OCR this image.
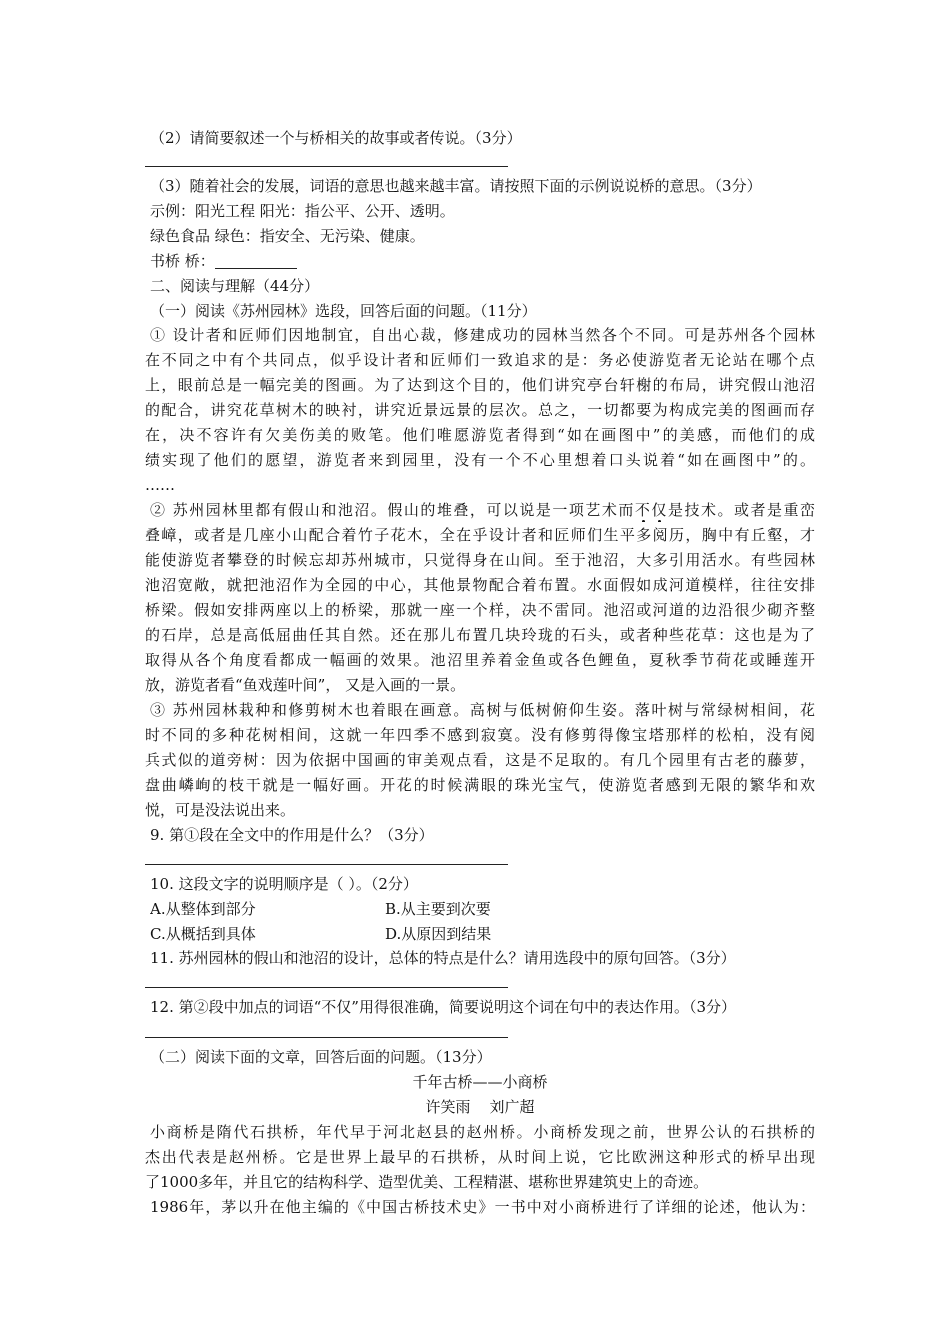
（2）请简要叙述一个与桥相关的故事或者传说。（3分）
（3）随着社会的发展，词语的意思也越来越丰富。请按照下面的示例说说桥的意思。（3分）
示例：阳光工程 阳光：指公平、公开、透明。
绿色食品 绿色：指安全、无污染、健康。
书桥 桥：
二、阅读与理解（44分）
（一）阅读《苏州园林》选段，回答后面的问题。（11分）
① 设计者和匠师们因地制宜，自出心裁，修建成功的园林当然各个不同。可是苏州各个园林
在不同之中有个共同点，似乎设计者和匠师们一致追求的是：务必使游览者无论站在哪个点
上，眼前总是一幅完美的图画。为了达到这个目的，他们讲究亭台轩榭的布局，讲究假山池沼
的配合，讲究花草树木的映衬，讲究近景远景的层次。总之，一切都要为构成完美的图画而存
在，决不容许有欠美伤美的败笔。他们唯愿游览者得到“如在画图中”的美感，而他们的成
绩实现了他们的愿望，游览者来到园里，没有一个不心里想着口头说着“如在画图中”的。
……
② 苏州园林里都有假山和池沼。假山的堆叠，可以说是一项艺术而不仅是技术。或者是重峦
叠嶂，或者是几座小山配合着竹子花木，全在乎设计者和匠师们生平多阅历，胸中有丘壑，才
能使游览者攀登的时候忘却苏州城市，只觉得身在山间。至于池沼，大多引用活水。有些园林
池沼宽敞，就把池沼作为全园的中心，其他景物配合着布置。水面假如成河道模样，往往安排
桥梁。假如安排两座以上的桥梁，那就一座一个样，决不雷同。池沼或河道的边沿很少砌齐整
的石岸，总是高低屈曲任其自然。还在那儿布置几块玲珑的石头，或者种些花草：这也是为了
取得从各个角度看都成一幅画的效果。池沼里养着金鱼或各色鲤鱼，夏秋季节荷花或睡莲开
放，游览者看“鱼戏莲叶间”， 又是入画的一景。
③ 苏州园林栽种和修剪树木也着眼在画意。高树与低树俯仰生姿。落叶树与常绿树相间，花
时不同的多种花树相间，这就一年四季不感到寂寞。没有修剪得像宝塔那样的松柏，没有阅
兵式似的道旁树：因为依据中国画的审美观点看，这是不足取的。有几个园里有古老的藤萝，
盘曲嶙峋的枝干就是一幅好画。开花的时候满眼的珠光宝气，使游览者感到无限的繁华和欢
悦，可是没法说出来。
9. 第①段在全文中的作用是什么？（3分）
10. 这段文字的说明顺序是（ ）。（2分）
A.从整体到部分	B.从主要到次要
C.从概括到具体	D.从原因到结果
11. 苏州园林的假山和池沼的设计，总体的特点是什么？请用选段中的原句回答。（3分）
12. 第②段中加点的词语“不仅”用得很准确，简要说明这个词在句中的表达作用。（3分）
（二）阅读下面的文章，回答后面的问题。（13分）
千年古桥——小商桥
许笑雨    刘广超
小商桥是隋代石拱桥，年代早于河北赵县的赵州桥。小商桥发现之前，世界公认的石拱桥的
杰出代表是赵州桥。它是世界上最早的石拱桥，从时间上说，它比欧洲这种形式的桥早出现
了1000多年，并且它的结构科学、造型优美、工程精湛、堪称世界建筑史上的奇迹。
1986年，茅以升在他主编的《中国古桥技术史》一书中对小商桥进行了详细的论述，他认为：
